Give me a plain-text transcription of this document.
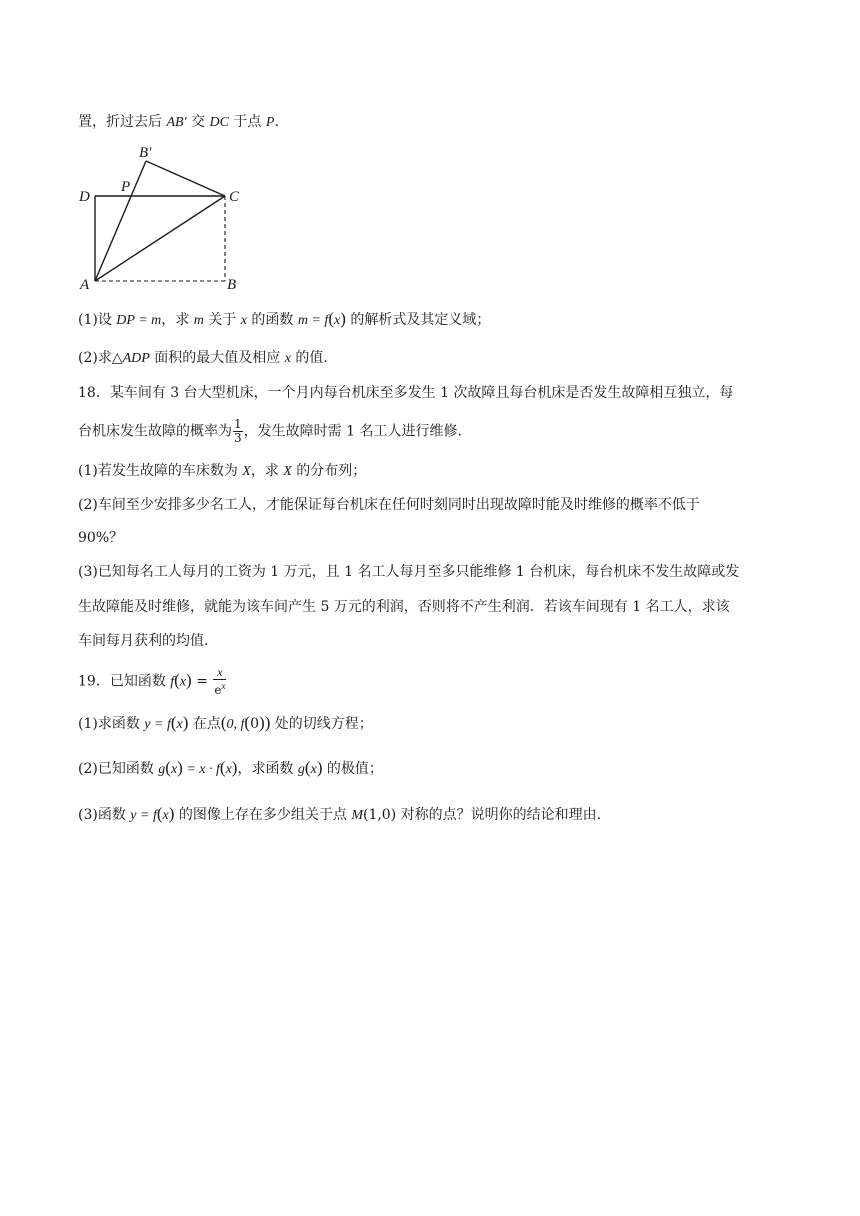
置，折过去后 AB′ 交 DC 于点 P.
B′
D
P
C
A	B
(1)设 DP = m，求 m 关于 x 的函数 m = f(x) 的解析式及其定义域；
(2)求△ADP 面积的最大值及相应 x 的值.
18．某车间有 3 台大型机床，一个月内每台机床至多发生 1 次故障且每台机床是否发生故障相互独立，每
台机床发生故障的概率为 $\frac{1}{3}$ ，发生故障时需 1 名工人进行维修.
(1)若发生故障的车床数为 X，求 X 的分布列；
(2)车间至少安排多少名工人，才能保证每台机床在任何时刻同时出现故障时能及时维修的概率不低于
90%？
(3)已知每名工人每月的工资为 1 万元，且 1 名工人每月至多只能维修 1 台机床，每台机床不发生故障或发
生故障能及时维修，就能为该车间产生 5 万元的利润，否则将不产生利润．若该车间现有 1 名工人，求该
车间每月获利的均值.
19．已知函数 $f(x) = \frac{x}{e^x}$
(1)求函数 y = f(x) 在点(0, f(0)) 处的切线方程；
(2)已知函数 g(x) = x · f(x)，求函数 g(x) 的极值；
(3)函数 y = f(x) 的图像上存在多少组关于点 M(1,0) 对称的点？说明你的结论和理由.
